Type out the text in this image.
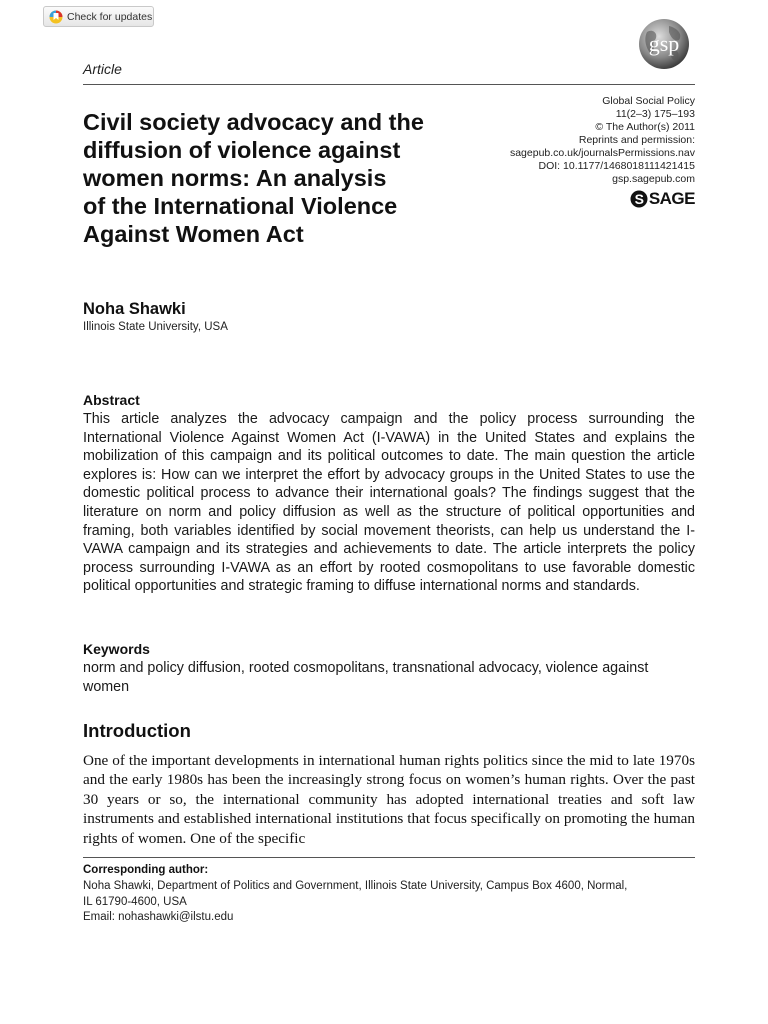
Check for updates
gsp
Article
Civil society advocacy and the
diffusion of violence against
women norms: An analysis
of the International Violence
Against Women Act
Global Social Policy
11(2–3) 175–193
© The Author(s) 2011
Reprints and permission:
sagepub.co.uk/journalsPermissions.nav
DOI: 10.1177/1468018111421415
gsp.sagepub.com
S SAGE
Noha Shawki
Illinois State University, USA
Abstract

This article analyzes the advocacy campaign and the policy process surrounding the International Violence Against Women Act (I-VAWA) in the United States and explains the mobilization of this campaign and its political outcomes to date. The main question the article explores is: How can we interpret the effort by advocacy groups in the United States to use the domestic political process to advance their international goals? The findings suggest that the literature on norm and policy diffusion as well as the structure of political opportunities and framing, both variables identified by social movement theorists, can help us understand the I-VAWA campaign and its strategies and achievements to date. The article interprets the policy process surrounding I-VAWA as an effort by rooted cosmopolitans to use favorable domestic political opportunities and strategic framing to diffuse international norms and standards.

Keywords

norm and policy diffusion, rooted cosmopolitans, transnational advocacy, violence against women

Introduction

One of the important developments in international human rights politics since the mid to late 1970s and the early 1980s has been the increasingly strong focus on women’s human rights. Over the past 30 years or so, the international community has adopted international treaties and soft law instruments and established international institutions that focus specifically on promoting the human rights of women. One of the specific

Corresponding author:
Noha Shawki, Department of Politics and Government, Illinois State University, Campus Box 4600, Normal,
IL 61790-4600, USA
Email: nohashawki@ilstu.edu
